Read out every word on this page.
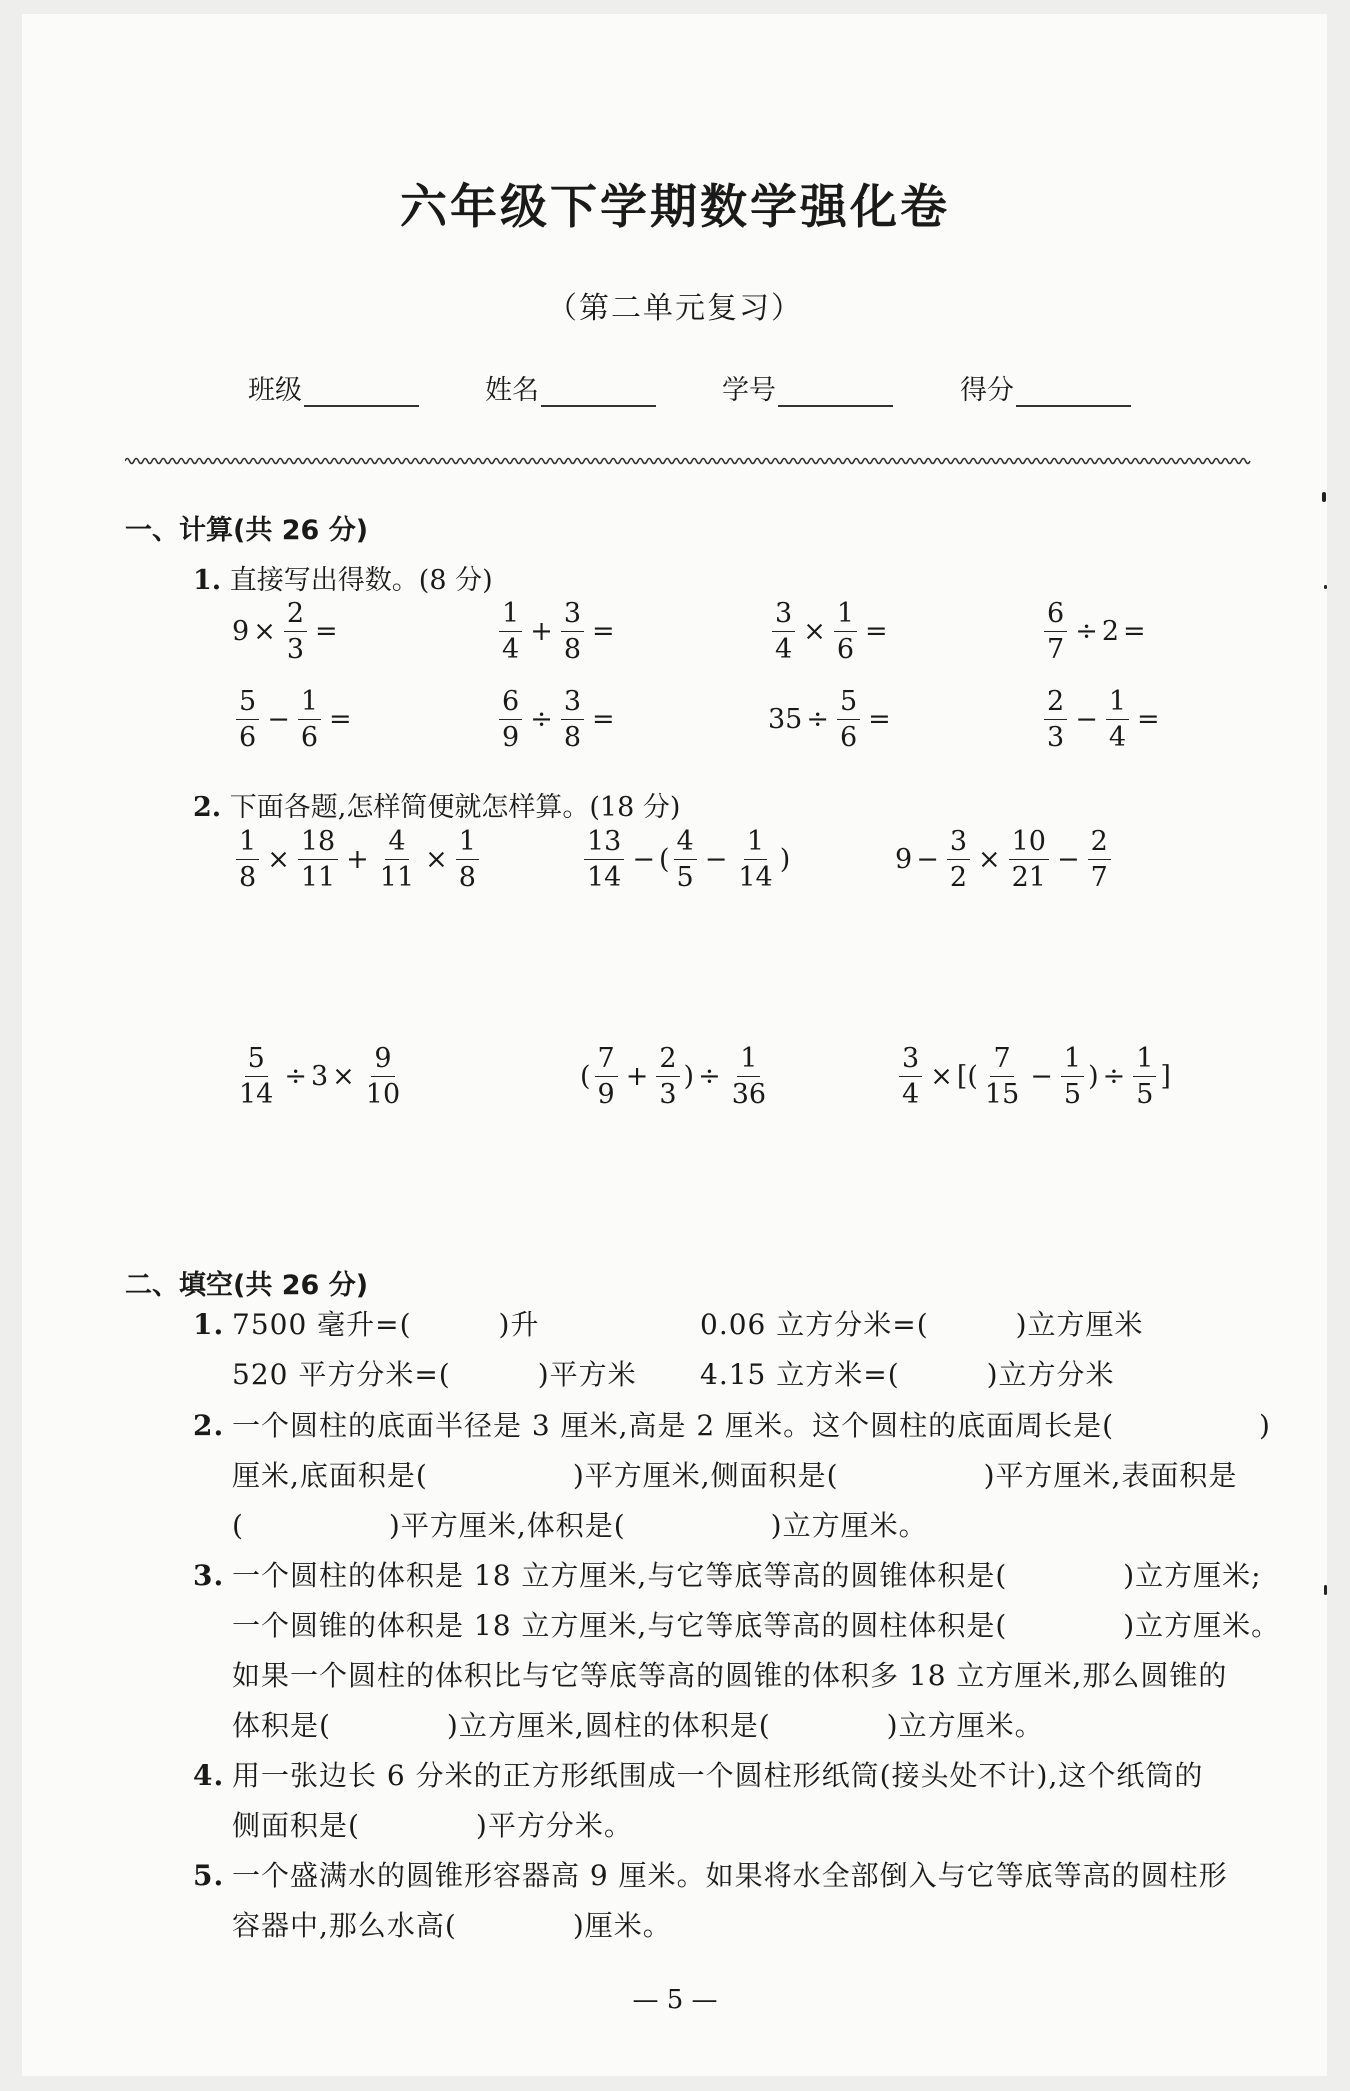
六年级下学期数学强化卷
（第二单元复习）
班级	姓名	学号	得分
一、计算(共 26 分)
1. 直接写出得数。(8 分)
$9 \times \frac{2}{3}$ =	$\frac{1}{4} + \frac{3}{8}$ =	$\frac{3}{4} \times \frac{1}{6}$ =	$\frac{6}{7} \div 2$ =
$\frac{5}{6} - \frac{1}{6}$ =	$\frac{6}{9} \div \frac{3}{8}$ =	$35 \div \frac{5}{6}$ =	$\frac{2}{3} - \frac{1}{4}$ =
2. 下面各题,怎样简便就怎样算。(18 分)
$\frac{1}{8} \times \frac{18}{11} + \frac{4}{11} \times \frac{1}{8}$	$\frac{13}{14}$ − ( $\frac{4}{5} - \frac{1}{14}$ )	$9 - \frac{3}{2} \times \frac{10}{21} - \frac{2}{7}$
$\frac{5}{14} \div 3 \times \frac{9}{10}$	( $\frac{7}{9} + \frac{2}{3}$ ) ÷ $\frac{1}{36}$	$\frac{3}{4}$ × [( $\frac{7}{15} - \frac{1}{5}$ ) ÷ $\frac{1}{5}$ ]
二、填空(共 26 分)
1. 7500 毫升=(　　　)升	0.06 立方分米=(　　　)立方厘米
520 平方分米=(　　　)平方米 4.15 立方米=(　　　)立方分米
2. 一个圆柱的底面半径是 3 厘米,高是 2 厘米。这个圆柱的底面周长是(　　　　　)
厘米,底面积是(　　　　　)平方厘米,侧面积是(　　　　　)平方厘米,表面积是
(　　　　　)平方厘米,体积是(　　　　　)立方厘米。
3. 一个圆柱的体积是 18 立方厘米,与它等底等高的圆锥体积是(　　　　)立方厘米;
一个圆锥的体积是 18 立方厘米,与它等底等高的圆柱体积是(　　　　)立方厘米。
如果一个圆柱的体积比与它等底等高的圆锥的体积多 18 立方厘米,那么圆锥的
体积是(　　　　)立方厘米,圆柱的体积是(　　　　)立方厘米。
4. 用一张边长 6 分米的正方形纸围成一个圆柱形纸筒(接头处不计),这个纸筒的
侧面积是(　　　　)平方分米。
5. 一个盛满水的圆锥形容器高 9 厘米。如果将水全部倒入与它等底等高的圆柱形
容器中,那么水高(　　　　)厘米。
— 5 —
